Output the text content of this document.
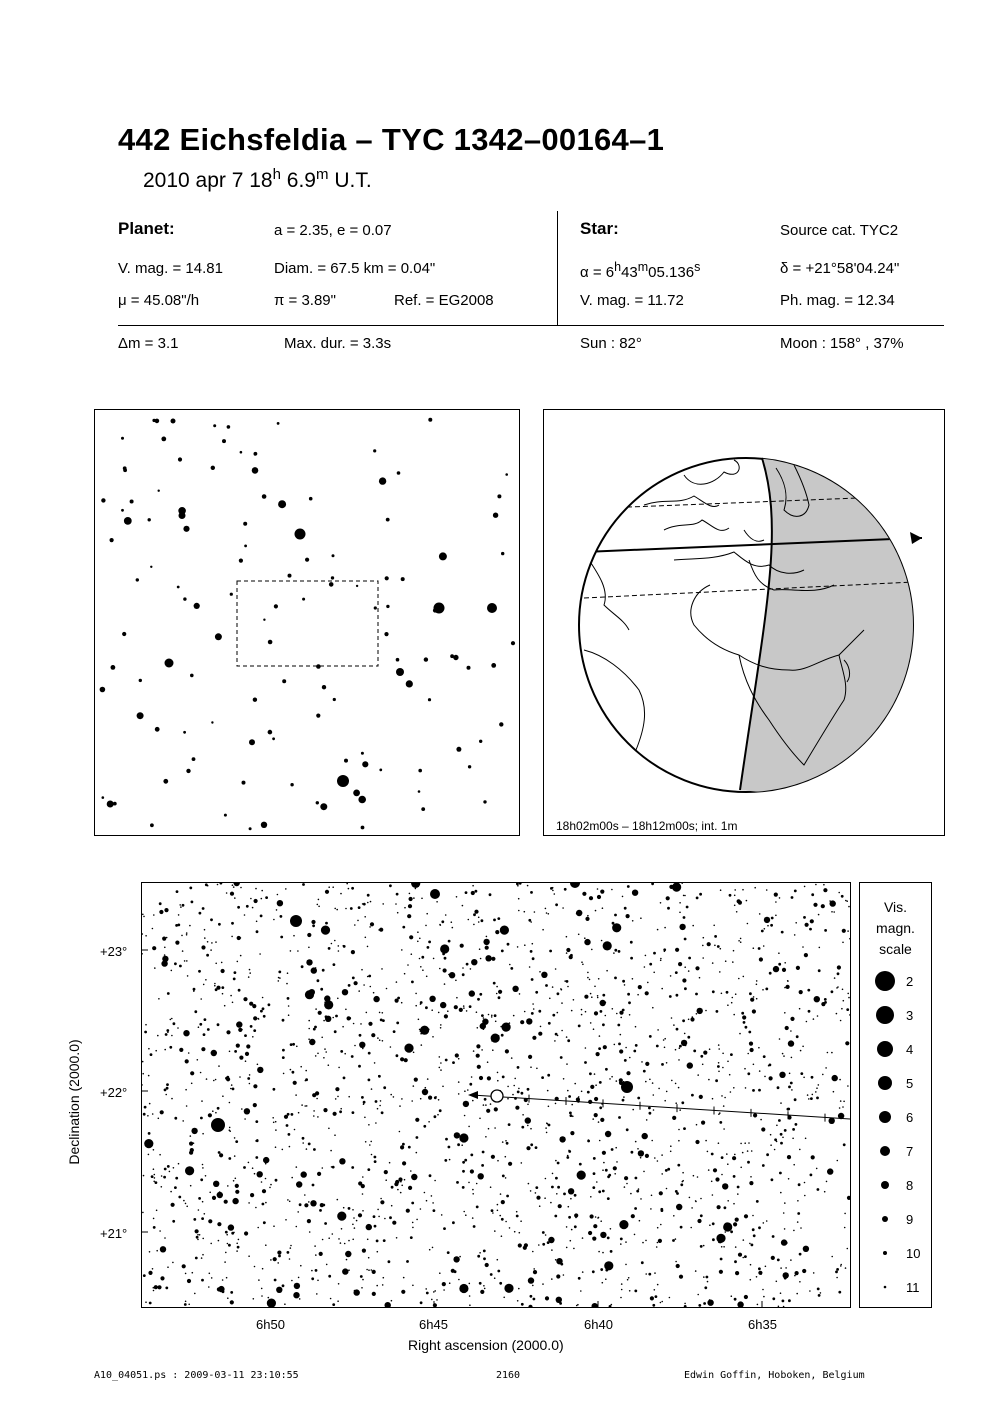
442 Eichsfeldia – TYC 1342–00164–1
2010 apr 7 18$^h$ 6.9$^m$ U.T.
Planet:	a = 2.35, e = 0.07
V. mag. = 14.81	Diam. = 67.5 km = 0.04"
μ = 45.08"/h	π = 3.89"	Ref. = EG2008
Star:	Source cat. TYC2
$\alpha = 6^h43^m05.136^s$	δ = +21°58'04.24"
V. mag. = 11.72	Ph. mag. = 12.34
Δm = 3.1	Max. dur. = 3.3s	Sun : 82°	Moon : 158° , 37%
18h02m00s – 18h12m00s; int. 1m
+23°
+22°
+21°
6h50	6h45	6h40	6h35
Right ascension (2000.0)
Declination (2000.0)
Vis.
magn.
scale
2
3
4
5
6
7
8
9
10
11
A10_04051.ps : 2009-03-11 23:10:55	2160	Edwin Goffin, Hoboken, Belgium
